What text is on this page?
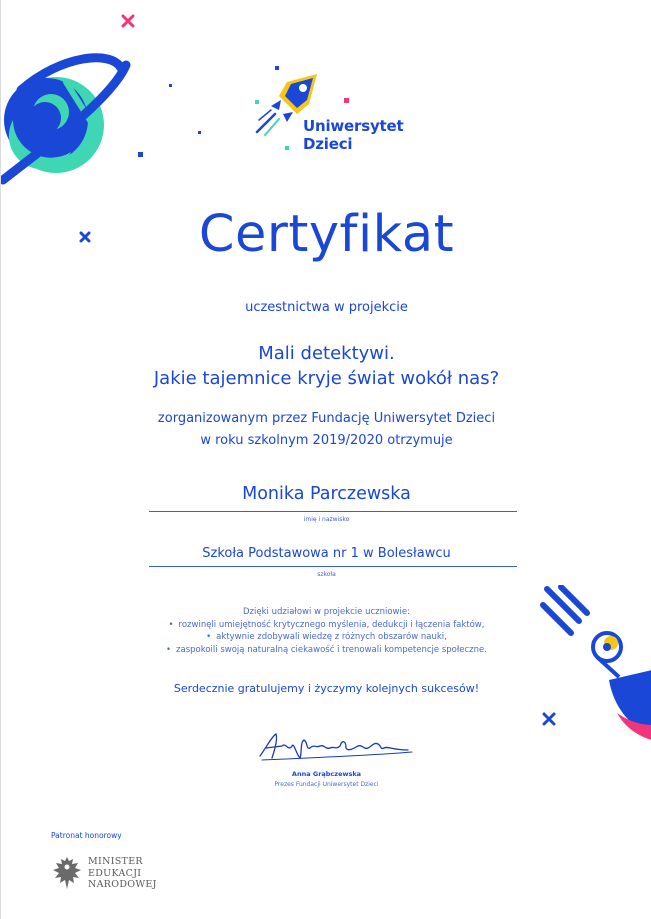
Uniwersytet
Dzieci
Certyfikat
uczestnictwa w projekcie
Mali detektywi.
Jakie tajemnice kryje świat wokół nas?
zorganizowanym przez Fundację Uniwersytet Dzieci
w roku szkolnym 2019/2020 otrzymuje
Monika Parczewska
imię i nazwisko
Szkoła Podstawowa nr 1 w Bolesławcu
szkoła
Dzięki udziałowi w projekcie uczniowie:
• rozwinęli umiejętność krytycznego myślenia, dedukcji i łączenia faktów,
• aktywnie zdobywali wiedzę z różnych obszarów nauki,
• zaspokoili swoją naturalną ciekawość i trenowali kompetencje społeczne.
Serdecznie gratulujemy i życzymy kolejnych sukcesów!
Anna Grąbczewska
Prezes Fundacji Uniwersytet Dzieci
Patronat honorowy
MINISTER
EDUKACJI
NARODOWEJ
